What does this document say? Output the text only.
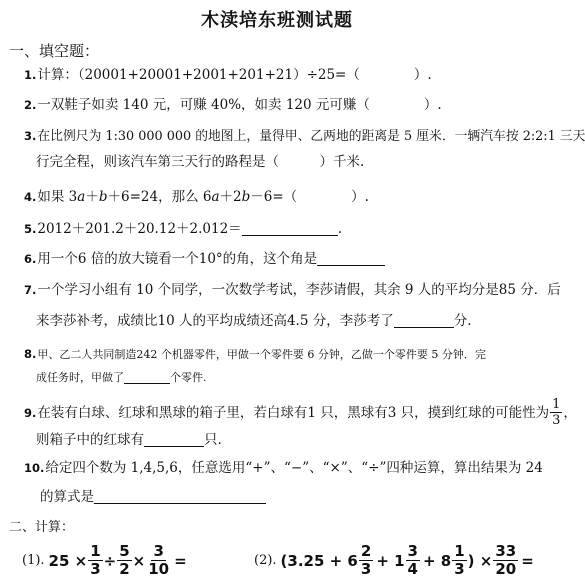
木渎培东班测试题
一、填空题：
1.计算：（20001+20001+2001+201+21）÷25=（　　　　）.
2.一双鞋子如卖 140 元，可赚 40%，如卖 120 元可赚（　　　　）.
3.在比例尺为 1:30 000 000 的地图上，量得甲、乙两地的距离是 5 厘米．一辆汽车按 2:2:1 三天
行完全程，则该汽车第三天行的路程是（　　　）千米.
4.如果 3a＋b＋6=24，那么 6a＋2b－6=（　　　　）.
5.2012＋201.2＋20.12＋2.012＝	.
6.用一个6 倍的放大镜看一个10°的角，这个角是
7.一个学习小组有 10 个同学，一次数学考试，李莎请假，其余 9 人的平均分是85 分．后
来李莎补考，成绩比10 人的平均成绩还高4.5 分，李莎考了	分.
8.甲、乙二人共同制造242 个机器零件，甲做一个零件要 6 分钟，乙做一个零件要 5 分钟．完
成任务时，甲做了	个零件.
9. 在装有白球、红球和黑球的箱子里，若白球有1 只，黑球有3 只，摸到红球的可能性为 $\frac{1}{3}$ ，
则箱子中的红球有	只.
10.给定四个数为 1,4,5,6，任意选用“+”、“−”、“×”、“÷”四种运算，算出结果为 24
的算式是
二、计算：
(1). $25 \times \frac{1}{3} \div \frac{5}{2} \times \frac{3}{10}$ =	(2). ($3.25 + 6 \frac{2}{3} + 1 \frac{3}{4} + 8 \frac{1}{3}$ ) × $\frac{33}{20}$ =
